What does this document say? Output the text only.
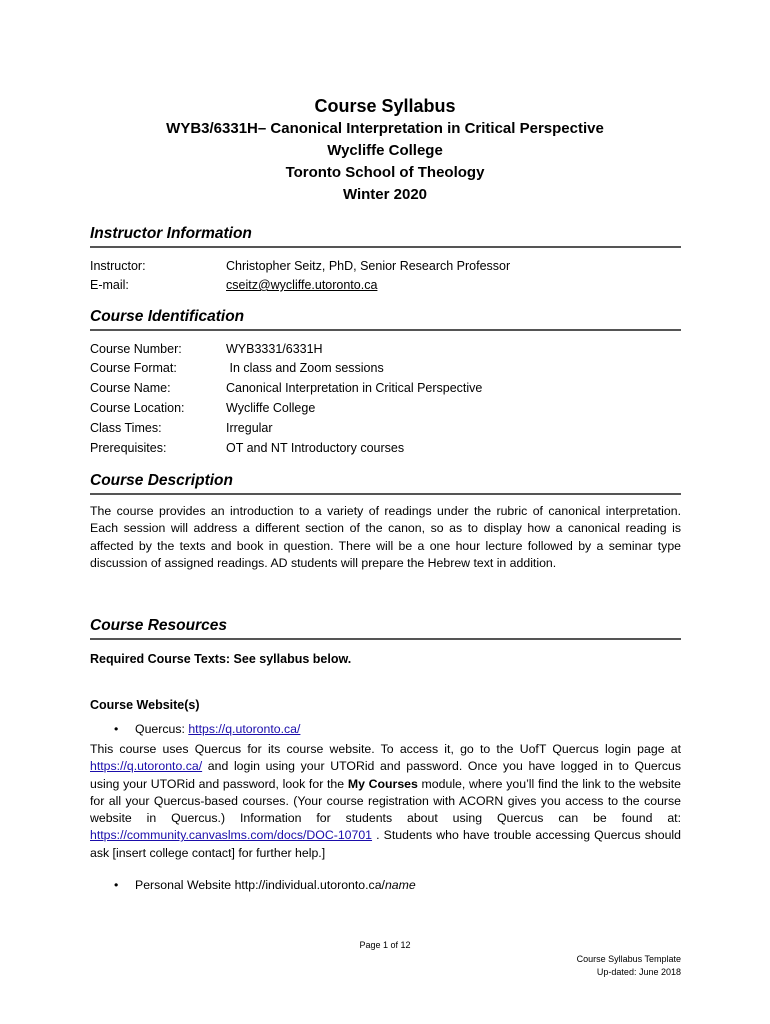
Course Syllabus
WYB3/6331H– Canonical Interpretation in Critical Perspective
Wycliffe College
Toronto School of Theology
Winter 2020
Instructor Information
Instructor:	Christopher Seitz, PhD, Senior Research Professor
E-mail:	cseitz@wycliffe.utoronto.ca
Course Identification
Course Number:	WYB3331/6331H
Course Format:	In class and Zoom sessions
Course Name:	Canonical Interpretation in Critical Perspective
Course Location:	Wycliffe College
Class Times:	Irregular
Prerequisites:	OT and NT Introductory courses
Course Description
The course provides an introduction to a variety of readings under the rubric of canonical interpretation. Each session will address a different section of the canon, so as to display how a canonical reading is affected by the texts and book in question. There will be a one hour lecture followed by a seminar type discussion of assigned readings. AD students will prepare the Hebrew text in addition.
Course Resources
Required Course Texts: See syllabus below.
Course Website(s)
• Quercus: https://q.utoronto.ca/
This course uses Quercus for its course website. To access it, go to the UofT Quercus login page at https://q.utoronto.ca/ and login using your UTORid and password. Once you have logged in to Quercus using your UTORid and password, look for the My Courses module, where you’ll find the link to the website for all your Quercus-based courses. (Your course registration with ACORN gives you access to the course website in Quercus.) Information for students about using Quercus can be found at: https://community.canvaslms.com/docs/DOC-10701 . Students who have trouble accessing Quercus should ask [insert college contact] for further help.]
• Personal Website http://individual.utoronto.ca/name
Page 1 of 12
Course Syllabus Template
Up-dated: June 2018
